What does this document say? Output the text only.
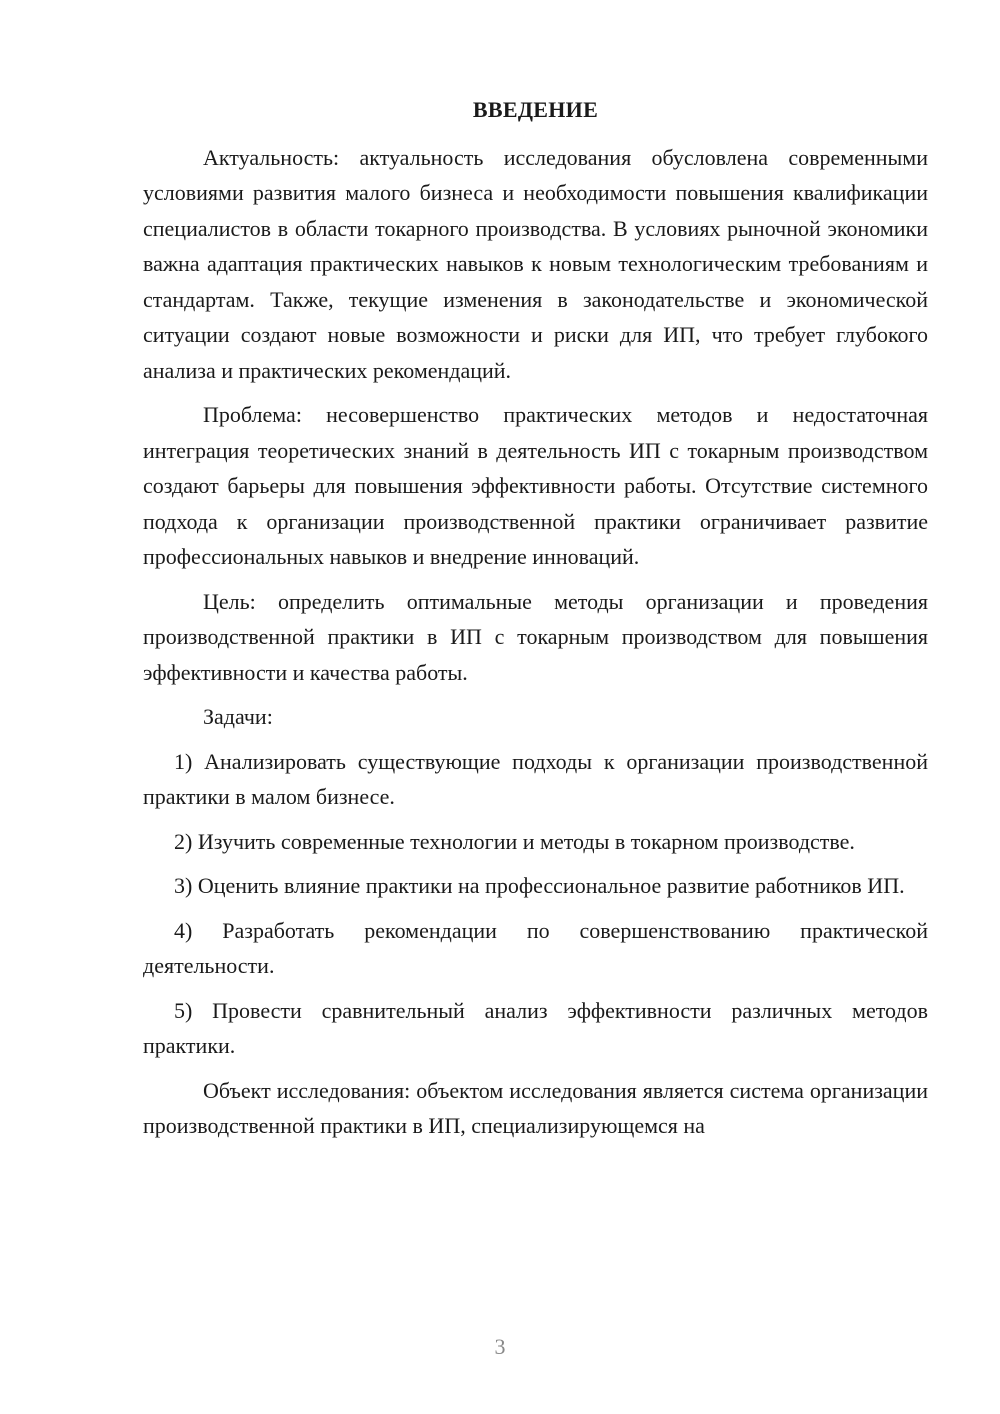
ВВЕДЕНИЕ

Актуальность: актуальность исследования обусловлена современными условиями развития малого бизнеса и необходимости повышения квалификации специалистов в области токарного производства. В условиях рыночной экономики важна адаптация практических навыков к новым технологическим требованиям и стандартам. Также, текущие изменения в законодательстве и экономической ситуации создают новые возможности и риски для ИП, что требует глубокого анализа и практических рекомендаций.

Проблема: несовершенство практических методов и недостаточная интеграция теоретических знаний в деятельность ИП с токарным производством создают барьеры для повышения эффективности работы. Отсутствие системного подхода к организации производственной практики ограничивает развитие профессиональных навыков и внедрение инноваций.

Цель: определить оптимальные методы организации и проведения производственной практики в ИП с токарным производством для повышения эффективности и качества работы.

Задачи:

1) Анализировать существующие подходы к организации производственной практики в малом бизнесе.

2) Изучить современные технологии и методы в токарном производстве.

3) Оценить влияние практики на профессиональное развитие работников ИП.

4) Разработать рекомендации по совершенствованию практической деятельности.

5) Провести сравнительный анализ эффективности различных методов практики.

Объект исследования: объектом исследования является система организации производственной практики в ИП, специализирующемся на

3
